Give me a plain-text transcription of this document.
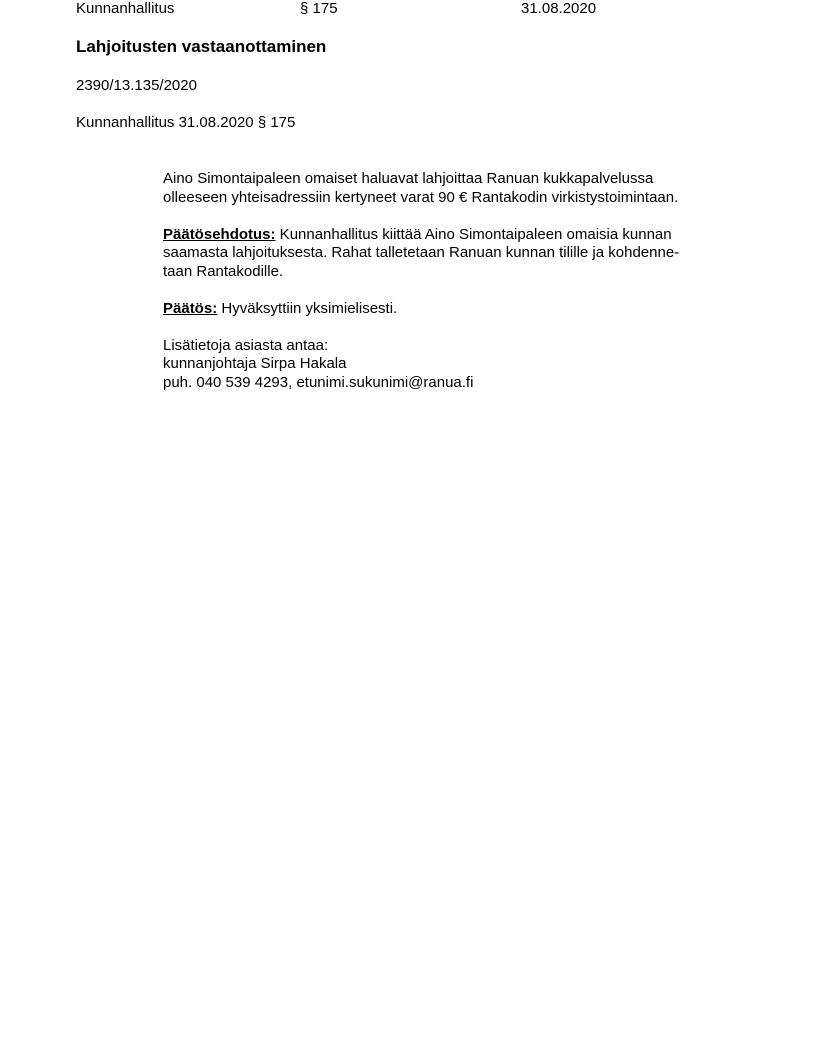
Kunnanhallitus	§ 175	31.08.2020
Lahjoitusten vastaanottaminen
2390/13.135/2020
Kunnanhallitus 31.08.2020 § 175

Aino Simontaipaleen omaiset haluavat lahjoittaa Ranuan kukkapalvelussa
olleeseen yhteisadressiin kertyneet varat 90 € Rantakodin virkistystoimintaan.

Päätösehdotus: Kunnanhallitus kiittää Aino Simontaipaleen omaisia kunnan
saamasta lahjoituksesta. Rahat talletetaan Ranuan kunnan tilille ja kohdenne-
taan Rantakodille.

Päätös: Hyväksyttiin yksimielisesti.

Lisätietoja asiasta antaa:
kunnanjohtaja Sirpa Hakala
puh. 040 539 4293, etunimi.sukunimi@ranua.fi
